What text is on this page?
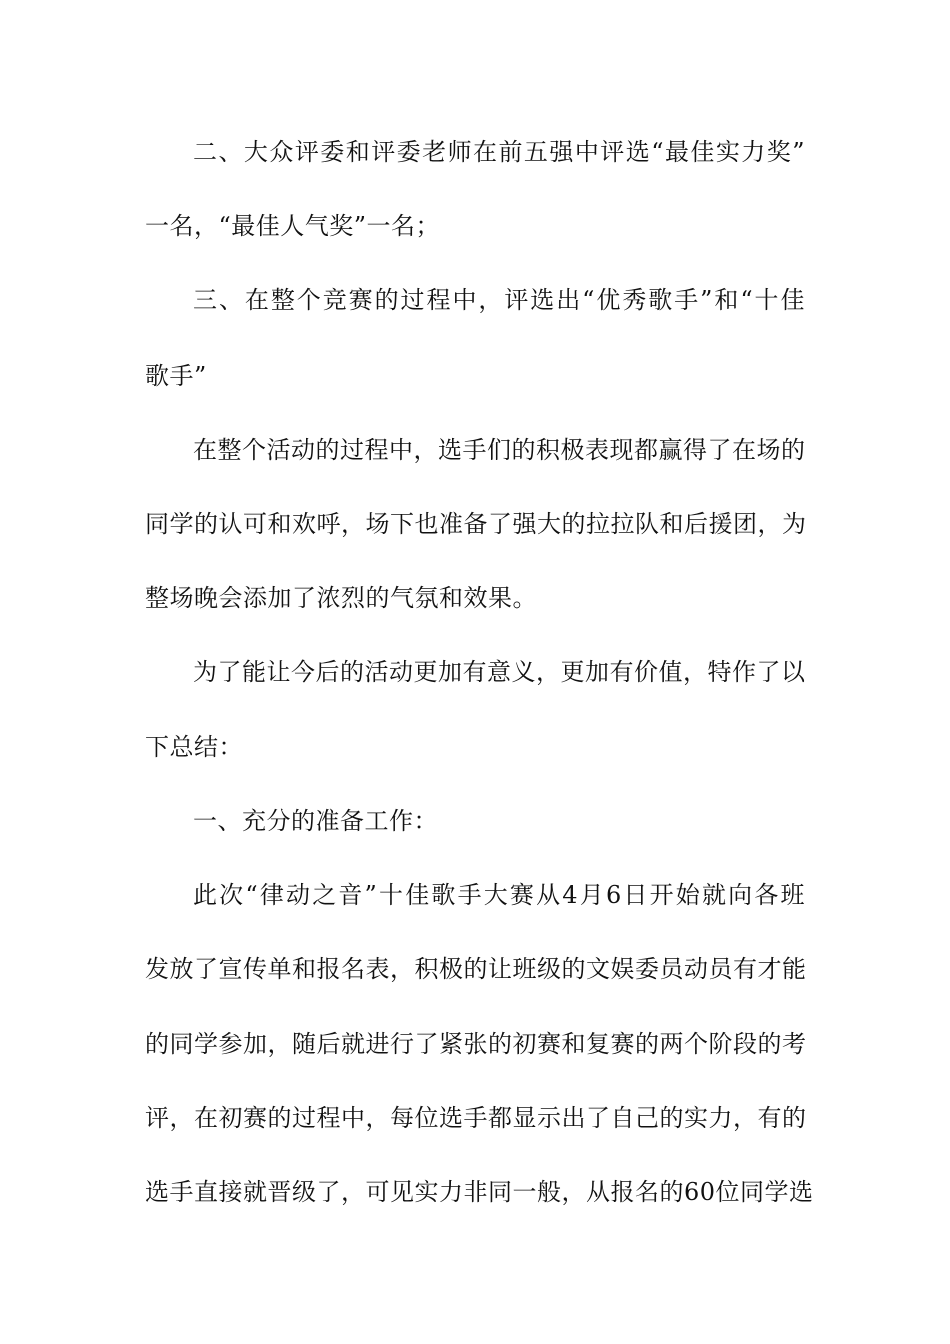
二、大众评委和评委老师在前五强中评选“最佳实力奖”
一名，“最佳人气奖”一名；
三、在整个竞赛的过程中，评选出“优秀歌手”和“十佳
歌手”
在整个活动的过程中，选手们的积极表现都赢得了在场的
同学的认可和欢呼，场下也准备了强大的拉拉队和后援团，为
整场晚会添加了浓烈的气氛和效果。
为了能让今后的活动更加有意义，更加有价值，特作了以
下总结：
一、充分的准备工作：
此次“律动之音”十佳歌手大赛从4月6日开始就向各班
发放了宣传单和报名表，积极的让班级的文娱委员动员有才能
的同学参加，随后就进行了紧张的初赛和复赛的两个阶段的考
评，在初赛的过程中，每位选手都显示出了自己的实力，有的
选手直接就晋级了，可见实力非同一般，从报名的60位同学选
